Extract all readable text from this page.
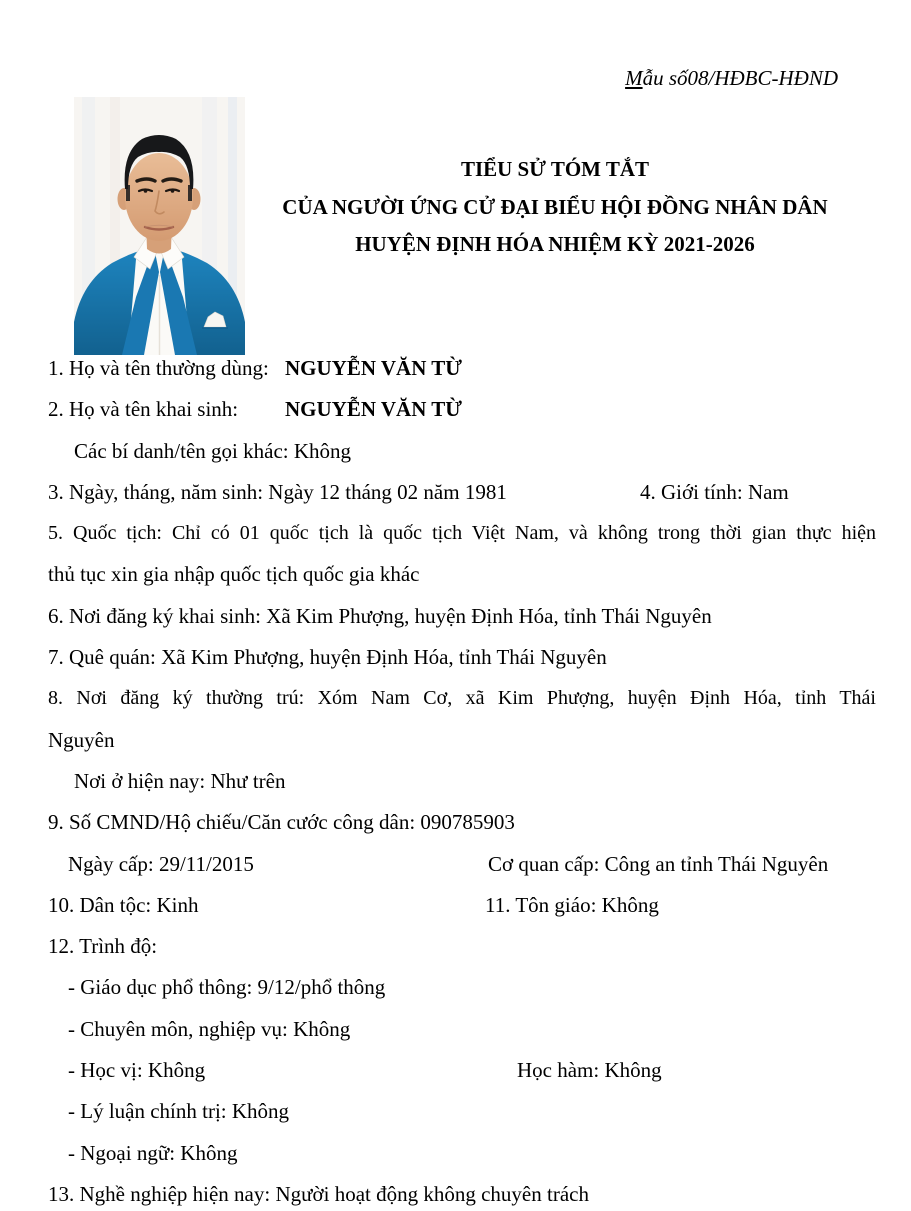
Mẫu số08/HĐBC-HĐND
TIỂU SỬ TÓM TẮT
CỦA NGƯỜI ỨNG CỬ ĐẠI BIỂU HỘI ĐỒNG NHÂN DÂN
HUYỆN ĐỊNH HÓA NHIỆM KỲ 2021-2026
1. Họ và tên thường dùng: NGUYỄN VĂN TỪ
2. Họ và tên khai sinh: NGUYỄN VĂN TỪ
Các bí danh/tên gọi khác: Không
3. Ngày, tháng, năm sinh: Ngày 12 tháng 02 năm 1981	4. Giới tính: Nam
5. Quốc tịch: Chỉ có 01 quốc tịch là quốc tịch Việt Nam, và không trong thời gian thực hiện
thủ tục xin gia nhập quốc tịch quốc gia khác
6. Nơi đăng ký khai sinh: Xã Kim Phượng, huyện Định Hóa, tỉnh Thái Nguyên
7. Quê quán: Xã Kim Phượng, huyện Định Hóa, tỉnh Thái Nguyên
8. Nơi đăng ký thường trú: Xóm Nam Cơ, xã Kim Phượng, huyện Định Hóa, tỉnh Thái
Nguyên
Nơi ở hiện nay: Như trên
9. Số CMND/Hộ chiếu/Căn cước công dân: 090785903
Ngày cấp: 29/11/2015	Cơ quan cấp: Công an tỉnh Thái Nguyên
10. Dân tộc: Kinh	11. Tôn giáo: Không
12. Trình độ:
- Giáo dục phổ thông: 9/12/phổ thông
- Chuyên môn, nghiệp vụ: Không
- Học vị: Không	Học hàm: Không
- Lý luận chính trị: Không
- Ngoại ngữ: Không
13. Nghề nghiệp hiện nay: Người hoạt động không chuyên trách
